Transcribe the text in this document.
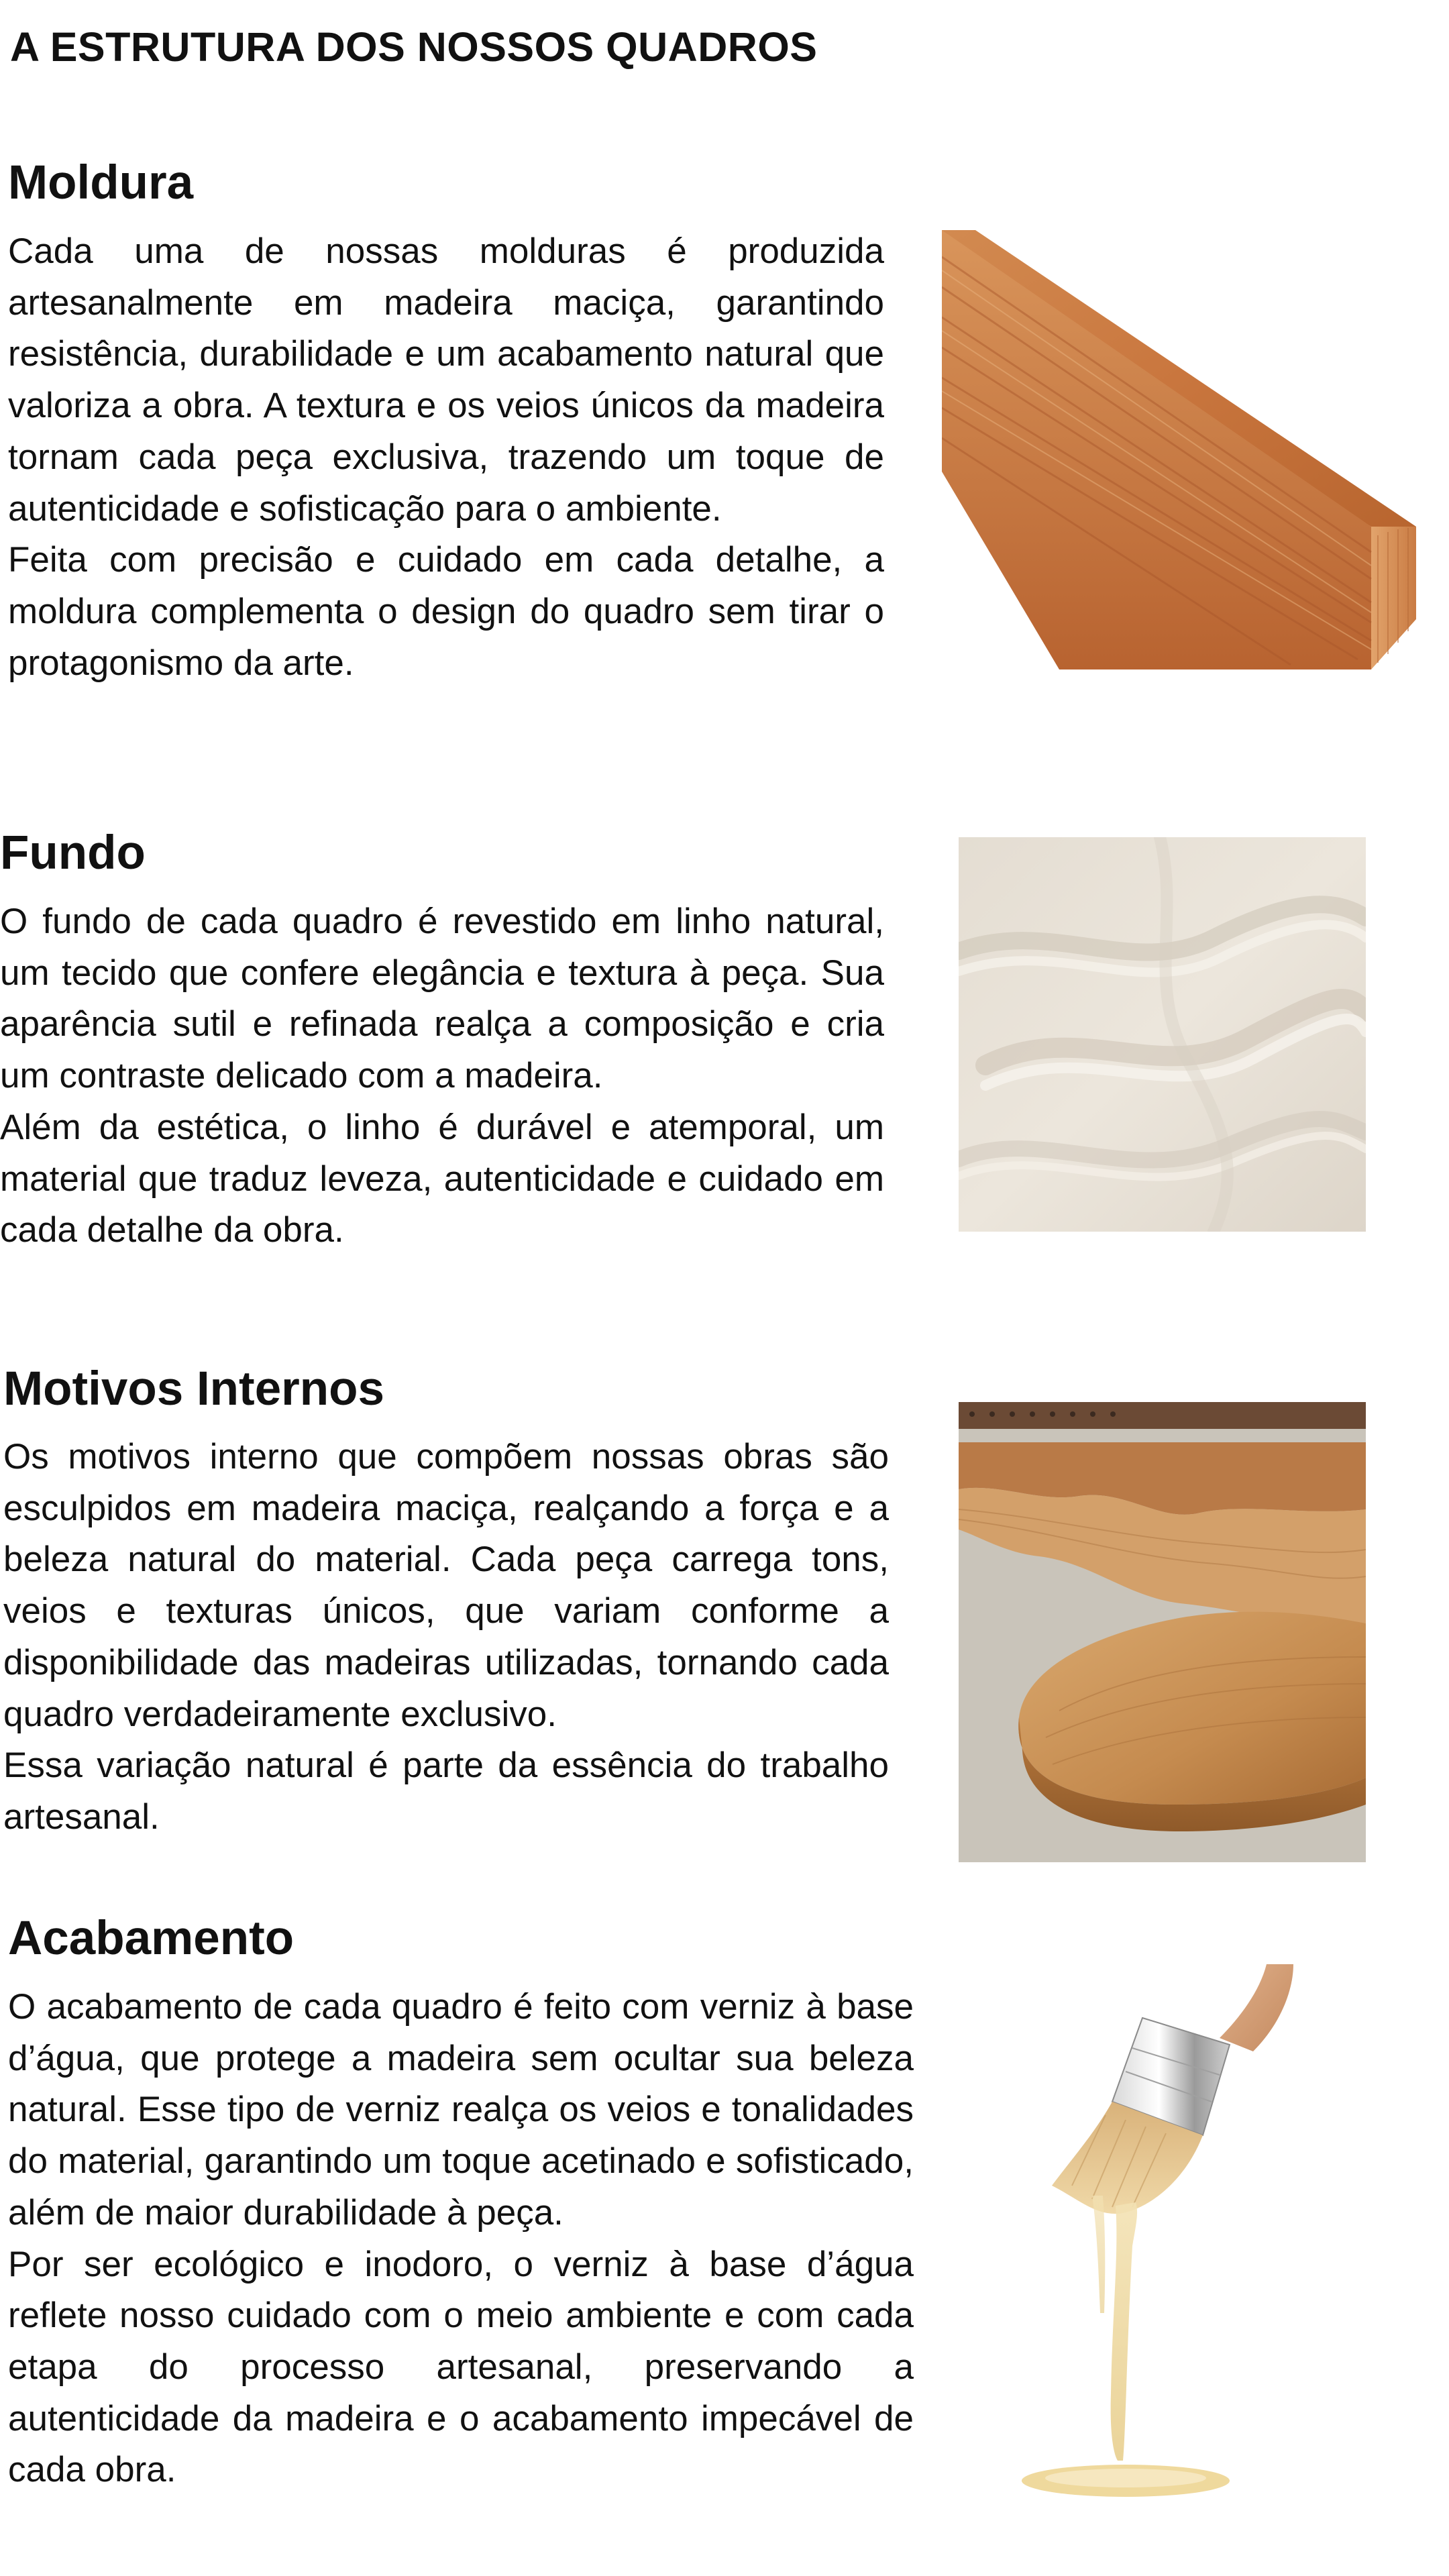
A ESTRUTURA DOS NOSSOS QUADROS
Moldura

Cada uma de nossas molduras é produzida artesanalmente em madeira maciça, garantindo resistência, durabilidade e um acabamento natural que valoriza a obra. A textura e os veios únicos da madeira tornam cada peça exclusiva, trazendo um toque de autenticidade e sofisticação para o ambiente.

Feita com precisão e cuidado em cada detalhe, a moldura complementa o design do quadro sem tirar o protagonismo da arte.

Fundo

O fundo de cada quadro é revestido em linho natural, um tecido que confere elegância e textura à peça. Sua aparência sutil e refinada realça a composição e cria um contraste delicado com a madeira.

Além da estética, o linho é durável e atemporal, um material que traduz leveza, autenticidade e cuidado em cada detalhe da obra.

Motivos Internos

Os motivos interno que compõem nossas obras são esculpidos em madeira maciça, realçando a força e a beleza natural do material. Cada peça carrega tons, veios e texturas únicos, que variam conforme a disponibilidade das madeiras utilizadas, tornando cada quadro verdadeiramente exclusivo.

Essa variação natural é parte da essência do trabalho artesanal.

Acabamento

O acabamento de cada quadro é feito com verniz à base d’água, que protege a madeira sem ocultar sua beleza natural. Esse tipo de verniz realça os veios e tonalidades do material, garantindo um toque acetinado e sofisticado, além de maior durabilidade à peça.

Por ser ecológico e inodoro, o verniz à base d’água reflete nosso cuidado com o meio ambiente e com cada etapa do processo artesanal, preservando a autenticidade da madeira e o acabamento impecável de cada obra.
